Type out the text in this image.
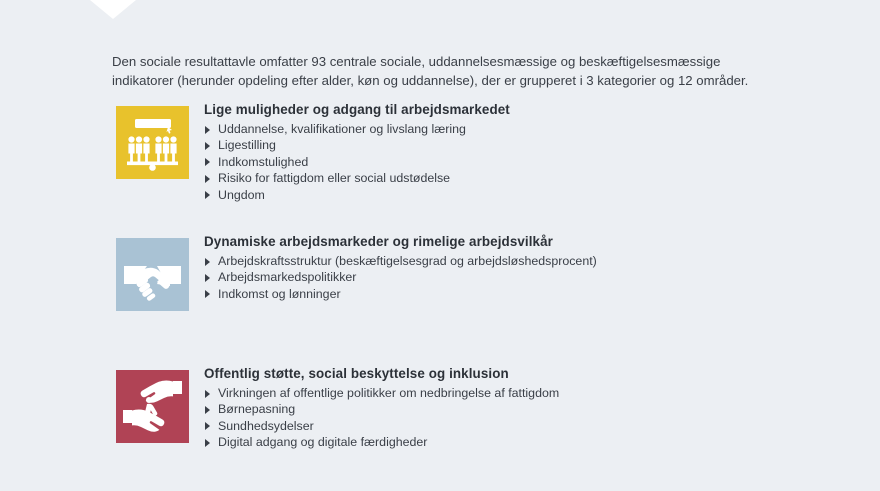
Den sociale resultattavle omfatter 93 centrale sociale, uddannelsesmæssige og beskæftigelsesmæssige
indikatorer (herunder opdeling efter alder, køn og uddannelse), der er grupperet i 3 kategorier og 12 områder.
Lige muligheder og adgang til arbejdsmarkedet
Uddannelse, kvalifikationer og livslang læring
Ligestilling
Indkomstulighed
Risiko for fattigdom eller social udstødelse
Ungdom
Dynamiske arbejdsmarkeder og rimelige arbejdsvilkår
Arbejdskraftsstruktur (beskæftigelsesgrad og arbejdsløshedsprocent)
Arbejdsmarkedspolitikker
Indkomst og lønninger
Offentlig støtte, social beskyttelse og inklusion
Virkningen af offentlige politikker om nedbringelse af fattigdom
Børnepasning
Sundhedsydelser
Digital adgang og digitale færdigheder
